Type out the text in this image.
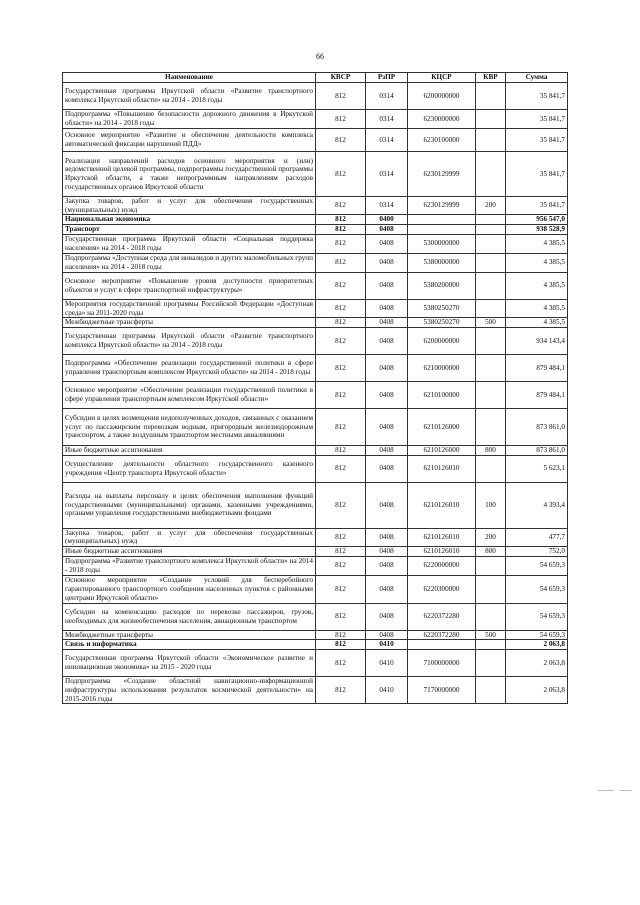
66
Наименование	КВСР	РзПР	КЦСР	КВР	Сумма
Государственная программа Иркутской области «Развитие транспортного комплекса Иркутской области» на 2014 - 2018 годы	812	0314	6200000000		35 841,7
Подпрограмма «Повышение безопасности дорожного движения в Иркутской области» на 2014 - 2018 годы	812	0314	6230000000		35 841,7
Основное мероприятие «Развитие и обеспечение деятельности комплекса автоматической фиксации нарушений ПДД»	812	0314	6230100000		35 841,7
Реализация направлений расходов основного мероприятия и (или) ведомственной целевой программы, подпрограммы государственной программы Иркутской области, а также непрограммным направлениям расходов государственных органов Иркутской области	812	0314	6230129999		35 841,7
Закупка товаров, работ и услуг для обеспечения государственных (муниципальных) нужд	812	0314	6230129999	200	35 841,7
Национальная экономика	812	0400			956 547,0
Транспорт	812	0408			938 528,9
Государственная программа Иркутской области «Социальная поддержка населения» на 2014 - 2018 годы	812	0408	5300000000		4 385,5
Подпрограмма «Доступная среда для инвалидов и других маломобильных групп населения» на 2014 - 2018 годы	812	0408	5380000000		4 385,5
Основное мероприятие «Повышение уровня доступности приоритетных объектов и услуг в сфере транспортной инфраструктуры»	812	0408	5380200000		4 385,5
Мероприятия государственной программы Российской Федерации «Доступная среда» на 2011-2020 годы	812	0408	5380250270		4 385,5
Межбюджетные трансферты	812	0408	5380250270	500	4 385,5
Государственная программа Иркутской области «Развитие транспортного комплекса Иркутской области» на 2014 - 2018 годы	812	0408	6200000000		934 143,4
Подпрограмма «Обеспечение реализации государственной политики в сфере управления транспортным комплексом Иркутской области» на 2014 - 2018 годы	812	0408	6210000000		879 484,1
Основное мероприятие «Обеспечение реализации государственной политики в сфере управления транспортным комплексом Иркутской области»	812	0408	6210100000		879 484,1
Субсидии в целях возмещения недополученных доходов, связанных с оказанием услуг по пассажирским перевозкам водным, пригородным железнодорожным транспортом, а также воздушным транспортом местными авиалиниями	812	0408	6210126000		873 861,0
Иные бюджетные ассигнования	812	0408	6210126000	800	873 861,0
Осуществление деятельности областного государственного казенного учреждения «Центр транспорта Иркутской области»	812	0408	6210126010		5 623,1
Расходы на выплаты персоналу в целях обеспечения выполнения функций государственными (муниципальными) органами, казенными учреждениями, органами управления государственными внебюджетными фондами	812	0408	6210126010	100	4 393,4
Закупка товаров, работ и услуг для обеспечения государственных (муниципальных) нужд	812	0408	6210126010	200	477,7
Иные бюджетные ассигнования	812	0408	6210126010	800	752,0
Подпрограмма «Развитие транспортного комплекса Иркутской области» на 2014 - 2018 годы	812	0408	6220000000		54 659,3
Основное мероприятие «Создание условий для бесперебойного гарантированного транспортного сообщения населенных пунктов с районными центрами Иркутской области»	812	0408	6220300000		54 659,3
Субсидии на компенсацию расходов по перевозке пассажиров, грузов, необходимых для жизнеобеспечения населения, авиационным транспортом	812	0408	6220372280		54 659,3
Межбюджетные трансферты	812	0408	6220372280	500	54 659,3
Связь и информатика	812	0410			2 063,8
Государственная программа Иркутской области «Экономическое развитие и инновационная экономика» на 2015 - 2020 годы	812	0410	7100000000		2 063,8
Подпрограмма «Создание областной навигационно-информационной инфраструктуры использования результатов космической деятельности» на 2015-2016 годы	812	0410	7170000000		2 063,8
